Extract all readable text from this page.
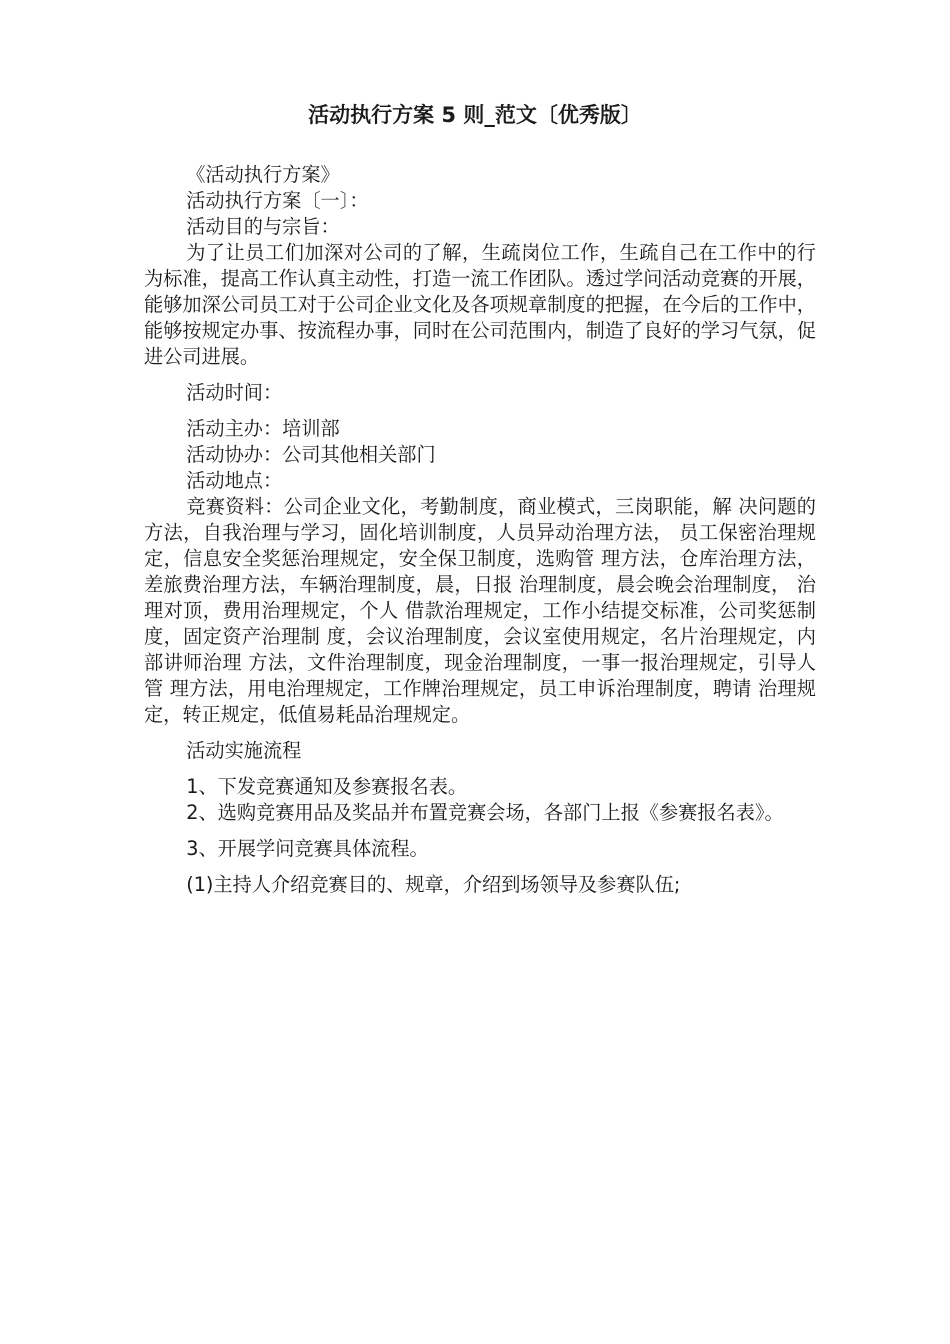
活动执行方案 5 则_范文〔优秀版〕

《活动执行方案》

活动执行方案〔一〕：

活动目的与宗旨：

为了让员工们加深对公司的了解，生疏岗位工作，生疏自己在工作中的行为标准，提高工作认真主动性，打造一流工作团队。透过学问活动竞赛的开展，能够加深公司员工对于公司企业文化及各项规章制度的把握，在今后的工作中，能够按规定办事、按流程办事，同时在公司范围内，制造了良好的学习气氛，促进公司进展。

活动时间：

活动主办：培训部

活动协办：公司其他相关部门

活动地点：

竞赛资料：公司企业文化，考勤制度，商业模式，三岗职能，解 决问题的方法，自我治理与学习，固化培训制度，人员异动治理方法， 员工保密治理规定，信息安全奖惩治理规定，安全保卫制度，选购管 理方法，仓库治理方法，差旅费治理方法，车辆治理制度，晨，日报 治理制度，晨会晚会治理制度， 治理对顶，费用治理规定，个人 借款治理规定，工作小结提交标准，公司奖惩制度，固定资产治理制 度，会议治理制度，会议室使用规定，名片治理规定，内部讲师治理 方法，文件治理制度，现金治理制度，一事一报治理规定，引导人管 理方法，用电治理规定，工作牌治理规定，员工申诉治理制度，聘请 治理规定，转正规定，低值易耗品治理规定。

活动实施流程

1、下发竞赛通知及参赛报名表。

2、选购竞赛用品及奖品并布置竞赛会场，各部门上报《参赛报名表》。

3、开展学问竞赛具体流程。

(1)主持人介绍竞赛目的、规章，介绍到场领导及参赛队伍;
